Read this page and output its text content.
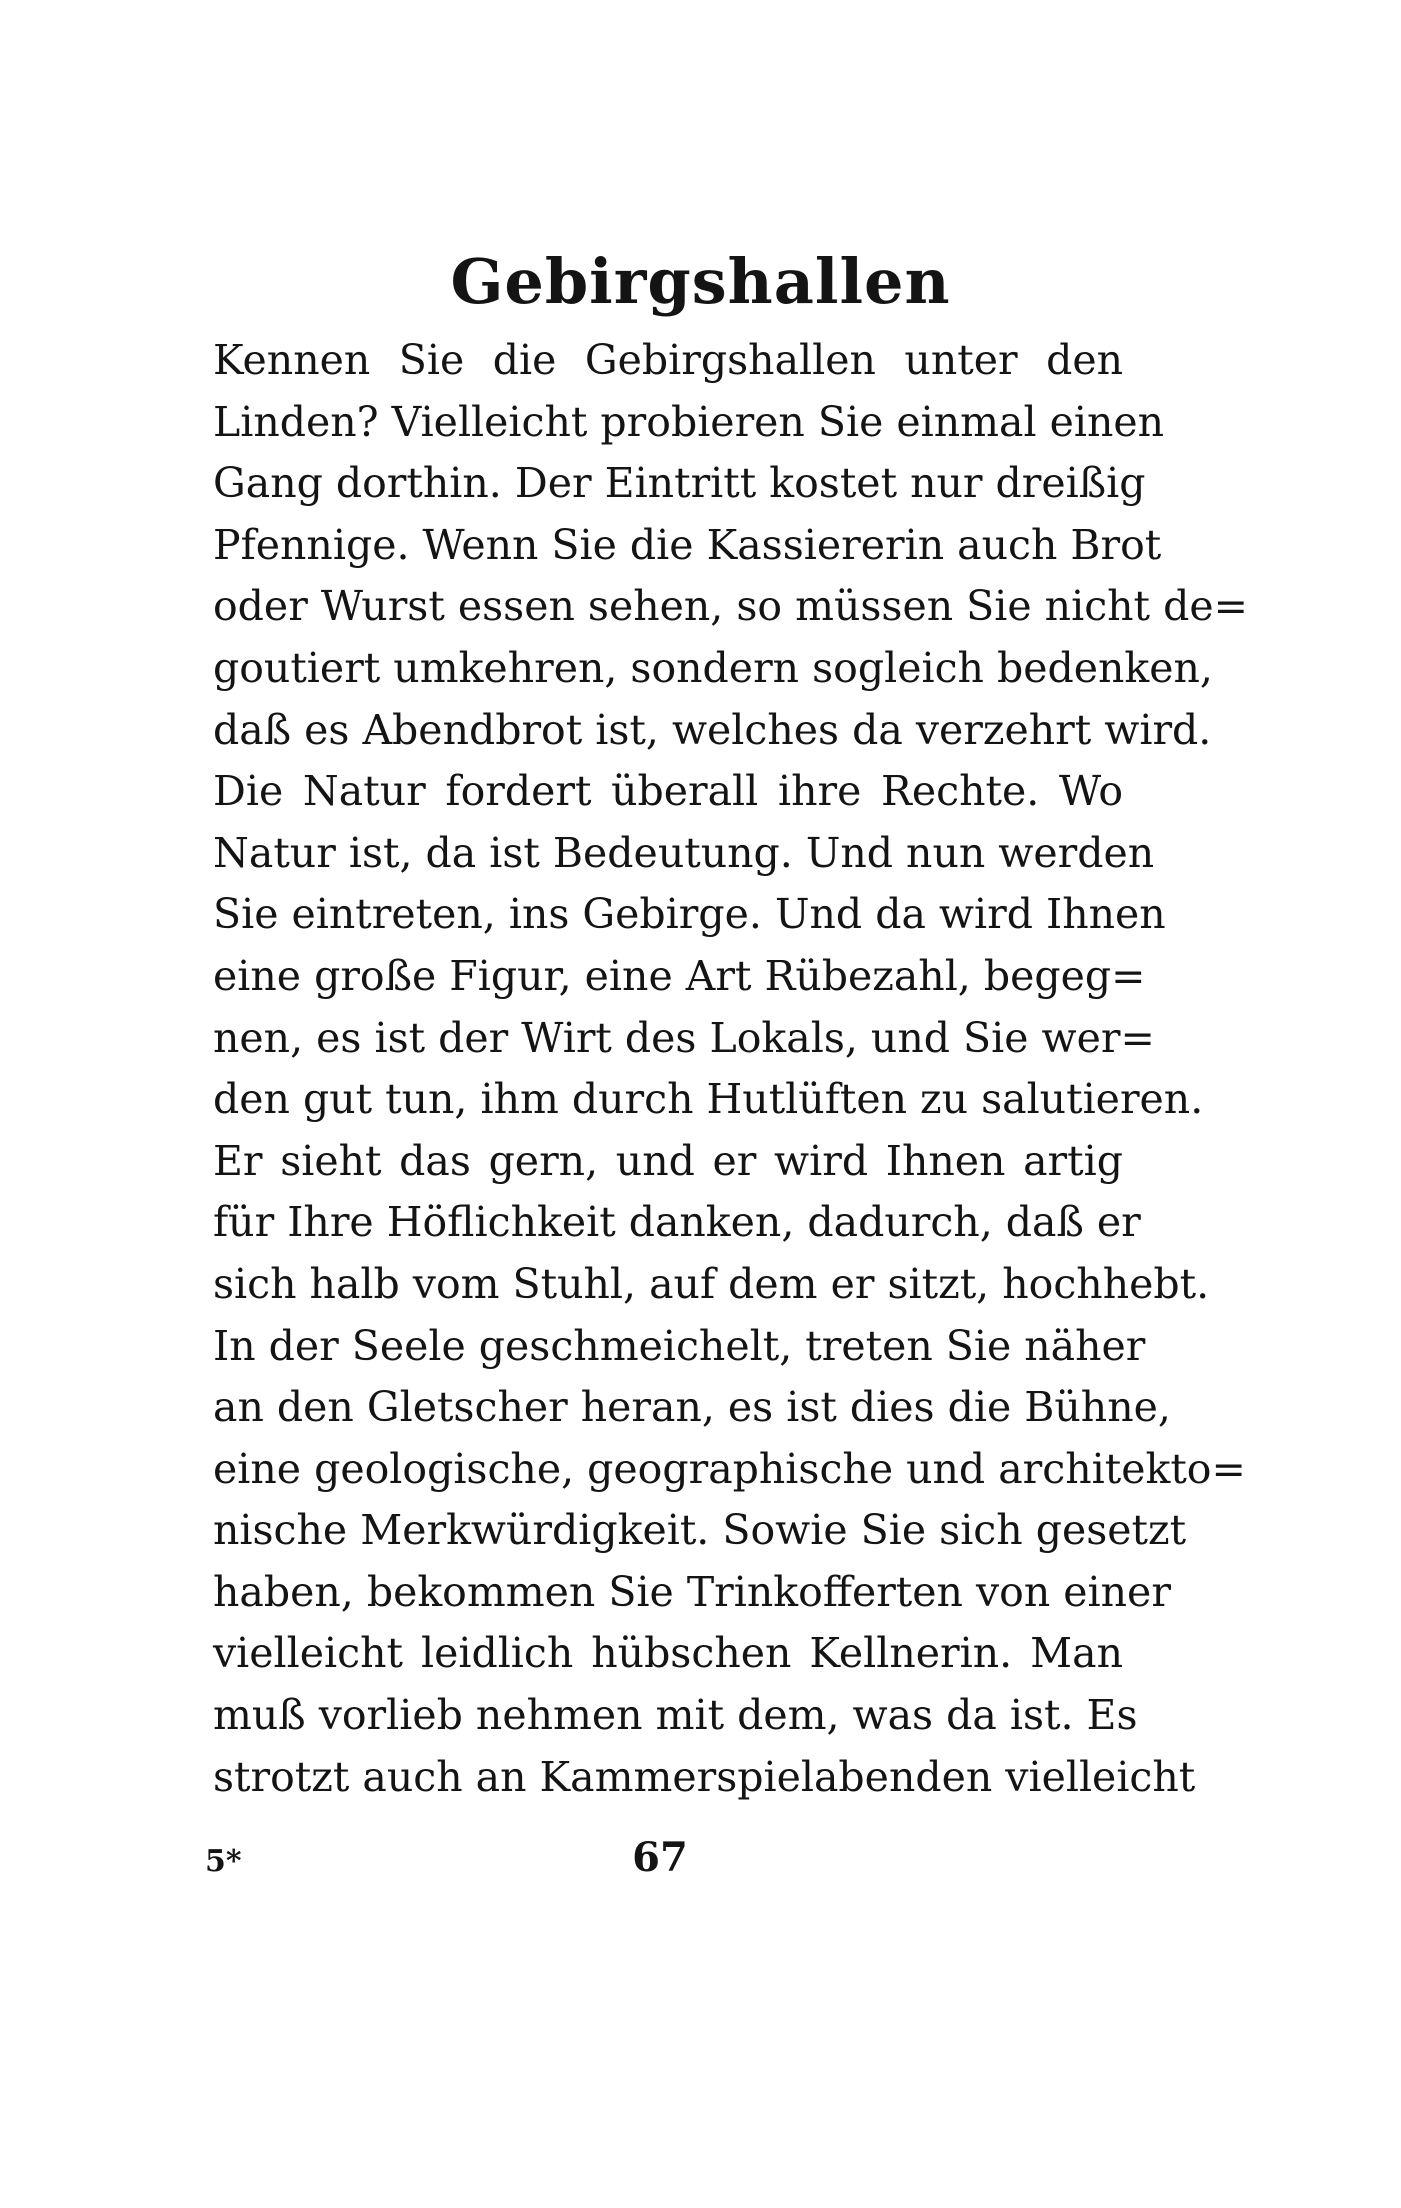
Gebirgshallen
Kennen Sie die Gebirgshallen unter den
Linden? Vielleicht probieren Sie einmal einen
Gang dorthin. Der Eintritt kostet nur dreißig
Pfennige. Wenn Sie die Kassiererin auch Brot
oder Wurst essen sehen, so müssen Sie nicht de=
goutiert umkehren, sondern sogleich bedenken,
daß es Abendbrot ist, welches da verzehrt wird.
Die Natur fordert überall ihre Rechte. Wo
Natur ist, da ist Bedeutung. Und nun werden
Sie eintreten, ins Gebirge. Und da wird Ihnen
eine große Figur, eine Art Rübezahl, begeg=
nen, es ist der Wirt des Lokals, und Sie wer=
den gut tun, ihm durch Hutlüften zu salutieren.
Er sieht das gern, und er wird Ihnen artig
für Ihre Höflichkeit danken, dadurch, daß er
sich halb vom Stuhl, auf dem er sitzt, hochhebt.
In der Seele geschmeichelt, treten Sie näher
an den Gletscher heran, es ist dies die Bühne,
eine geologische, geographische und architekto=
nische Merkwürdigkeit. Sowie Sie sich gesetzt
haben, bekommen Sie Trinkofferten von einer
vielleicht leidlich hübschen Kellnerin. Man
muß vorlieb nehmen mit dem, was da ist. Es
strotzt auch an Kammerspielabenden vielleicht
5*	67
